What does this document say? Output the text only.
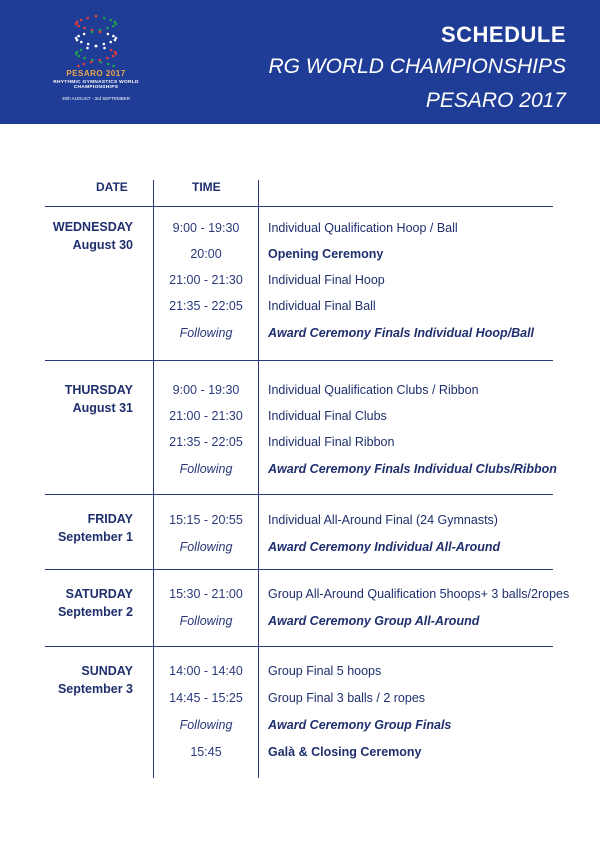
PESARO 2017
RHYTHMIC GYMNASTICS WORLD CHAMPIONSHIPS
30th AUGUST - 3rd SEPTEMBER
SCHEDULE
RG WORLD CHAMPIONSHIPS
PESARO 2017
DATE	TIME
WEDNESDAY
August 30
9:00 - 19:30	Individual Qualification Hoop / Ball
20:00	Opening Ceremony
21:00 - 21:30	Individual Final Hoop
21:35 - 22:05	Individual Final Ball
Following	Award Ceremony Finals Individual Hoop/Ball
THURSDAY
August 31
9:00 - 19:30	Individual Qualification Clubs / Ribbon
21:00 - 21:30	Individual Final Clubs
21:35 - 22:05	Individual Final Ribbon
Following	Award Ceremony Finals Individual Clubs/Ribbon
FRIDAY
September 1
15:15 - 20:55	Individual All-Around Final (24 Gymnasts)
Following	Award Ceremony Individual All-Around
SATURDAY
September 2
15:30 - 21:00	Group All-Around Qualification 5hoops+ 3 balls/2ropes
Following	Award Ceremony Group All-Around
SUNDAY
September 3
14:00 - 14:40	Group Final 5 hoops
14:45 - 15:25	Group Final 3 balls / 2 ropes
Following	Award Ceremony Group Finals
15:45	Galà & Closing Ceremony
